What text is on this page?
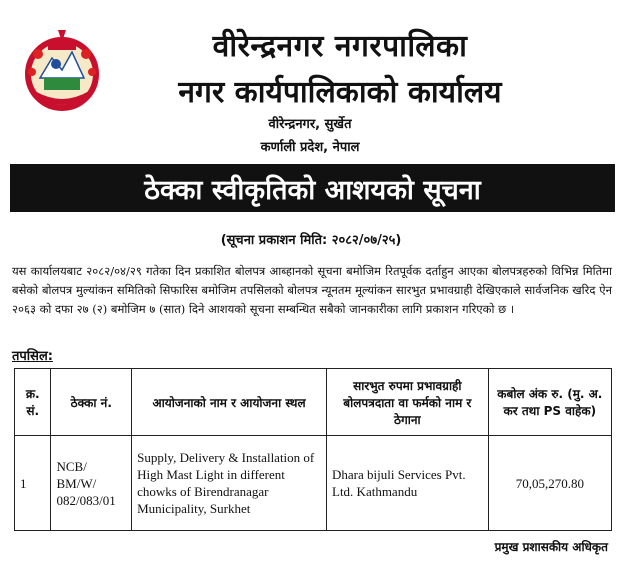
वीरेन्द्रनगर नगरपालिका
नगर कार्यपालिकाको कार्यालय
वीरेन्द्रनगर, सुर्खेत
कर्णाली प्रदेश, नेपाल
ठेक्का स्वीकृतिको आशयको सूचना
(सूचना प्रकाशन मिति: २०८२/०७/२५)
यस कार्यालयबाट २०८२/०४/२९ गतेका दिन प्रकाशित बोलपत्र आब्हानको सूचना बमोजिम रितपूर्वक दर्ताहुन आएका बोलपत्रहरुको विभिन्न मितिमा बसेको बोलपत्र मुल्यांकन समितिको सिफारिस बमोजिम तपसिलको बोलपत्र न्यूनतम मूल्यांकन सारभुत प्रभावग्राही देखिएकाले सार्वजनिक खरिद ऐन २०६३ को दफा २७ (२) बमोजिम ७ (सात) दिने आशयको सूचना सम्बन्धित सबैको जानकारीका लागि प्रकाशन गरिएको छ ।
तपसिल:
क्र. सं.	ठेक्का नं.	आयोजनाको नाम र आयोजना स्थल	सारभुत रुपमा प्रभावग्राही बोलपत्रदाता वा फर्मको नाम र ठेगाना	कबोल अंक रु. (मु. अ. कर तथा PS वाहेक)
1	NCB/ BM/W/ 082/083/01	Supply, Delivery & Installation of High Mast Light in different chowks of Birendranagar Municipality, Surkhet	Dhara bijuli Services Pvt. Ltd. Kathmandu	70,05,270.80
प्रमुख प्रशासकीय अधिकृत
